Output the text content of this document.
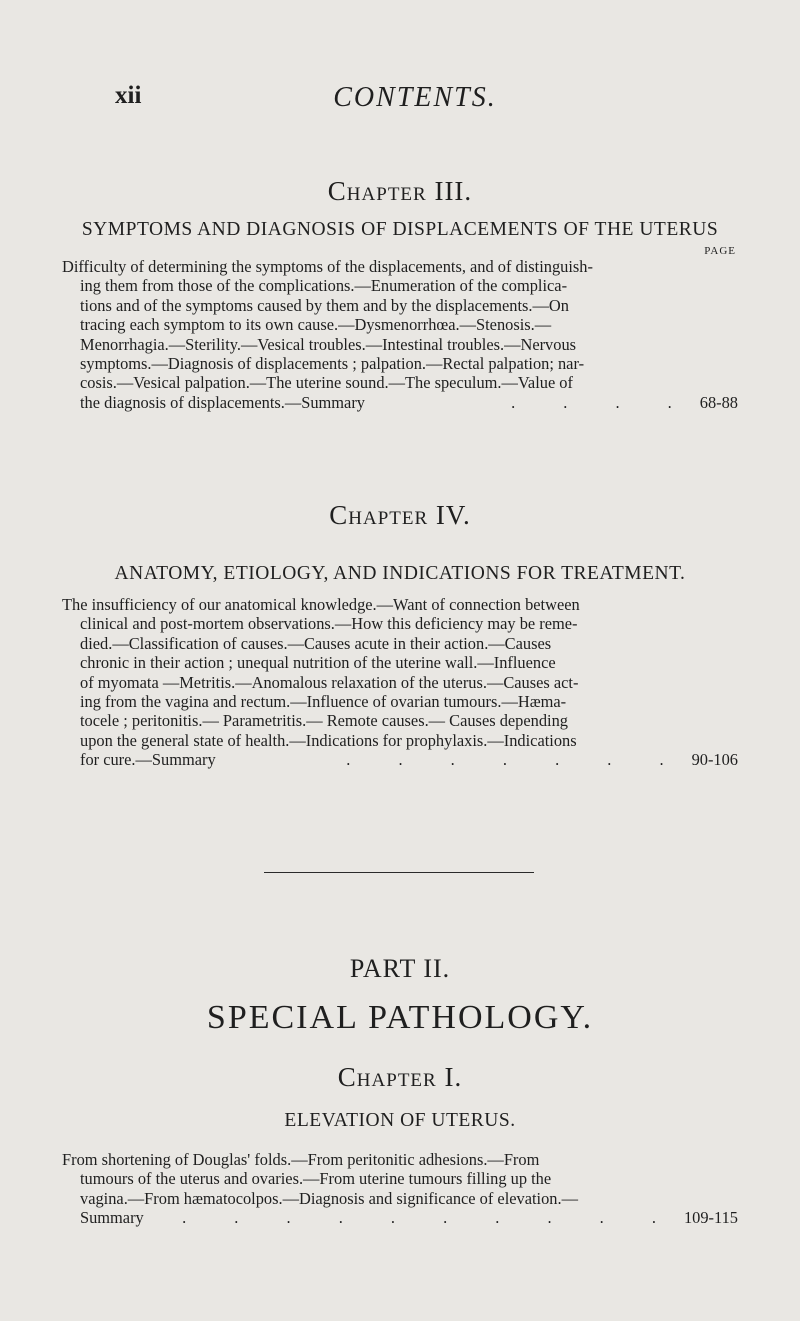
xii	CONTENTS.
Chapter III.
SYMPTOMS AND DIAGNOSIS OF DISPLACEMENTS OF THE UTERUS
PAGE
Difficulty of determining the symptoms of the displacements, and of distinguish-
ing them from those of the complications.—Enumeration of the complica-
tions and of the symptoms caused by them and by the displacements.—On
tracing each symptom to its own cause.—Dysmenorrhœa.—Stenosis.—
Menorrhagia.—Sterility.—Vesical troubles.—Intestinal troubles.—Nervous
symptoms.—Diagnosis of displacements ; palpation.—Rectal palpation; nar-
cosis.—Vesical palpation.—The uterine sound.—The speculum.—Value of
the diagnosis of displacements.—Summary	. . . . 68-88
Chapter IV.
ANATOMY, ETIOLOGY, AND INDICATIONS FOR TREATMENT.
The insufficiency of our anatomical knowledge.—Want of connection between
clinical and post-mortem observations.—How this deficiency may be reme-
died.—Classification of causes.—Causes acute in their action.—Causes
chronic in their action ; unequal nutrition of the uterine wall.—Influence
of myomata —Metritis.—Anomalous relaxation of the uterus.—Causes act-
ing from the vagina and rectum.—Influence of ovarian tumours.—Hæma-
tocele ; peritonitis.— Parametritis.— Remote causes.— Causes depending
upon the general state of health.—Indications for prophylaxis.—Indications
for cure.—Summary	. . . . . . . 90-106
PART II.
SPECIAL PATHOLOGY.
Chapter I.
ELEVATION OF UTERUS.
From shortening of Douglas' folds.—From peritonitic adhesions.—From
tumours of the uterus and ovaries.—From uterine tumours filling up the
vagina.—From hæmatocolpos.—Diagnosis and significance of elevation.—
Summary	. . . . . . . . . . 109-115
